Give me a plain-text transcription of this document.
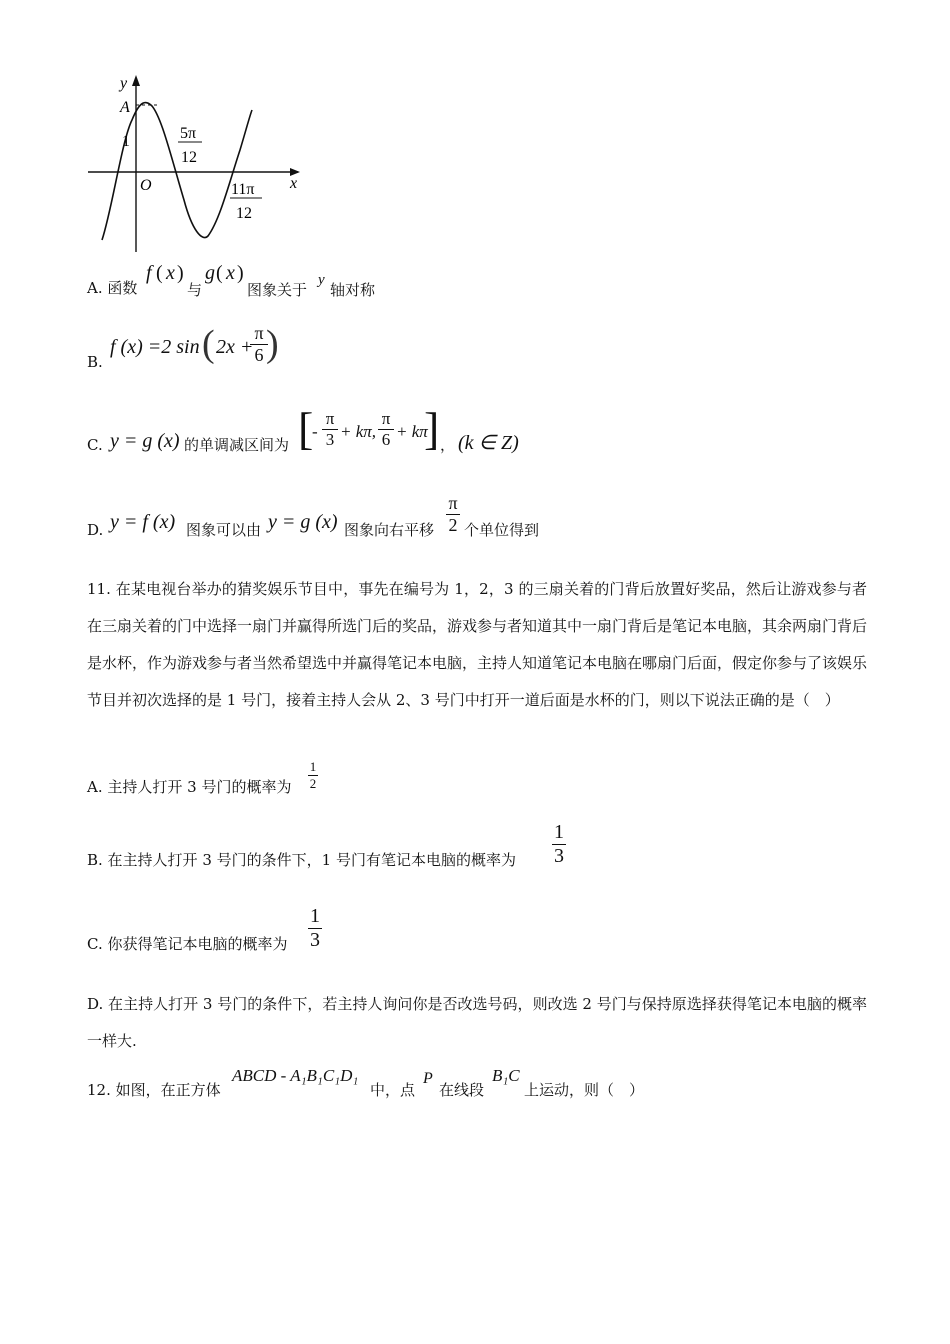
y
A
1
O	x
5π
12
11π
12
A. 函数
f ( x )
与
g ( x )
图象关于
y
轴对称
B.
f (x) =2 sin ( 2x +
π
6 )
C. y = g (x) 的单调减区间为 [
-
π
3 + kπ,
π
6 + kπ
] ， (k ∈ Z)
D. y = f (x) 图象可以由 y = g (x) 图象向右平移
π
2 个单位得到
11. 在某电视台举办的猜奖娱乐节目中，事先在编号为 1，2，3 的三扇关着的门背后放置好奖品，然后让游戏参与者在三扇关着的门中选择一扇门并赢得所选门后的奖品，游戏参与者知道其中一扇门背后是笔记本电脑，其余两扇门背后是水杯，作为游戏参与者当然希望选中并赢得笔记本电脑，主持人知道笔记本电脑在哪扇门后面，假定你参与了该娱乐节目并初次选择的是 1 号门，接着主持人会从 2、3 号门中打开一道后面是水杯的门，则以下说法正确的是（　）
A. 主持人打开 3 号门的概率为
1
2
B. 在主持人打开 3 号门的条件下，1 号门有笔记本电脑的概率为
1
3
C. 你获得笔记本电脑的概率为
1
3
D. 在主持人打开 3 号门的条件下，若主持人询问你是否改选号码，则改选 2 号门与保持原选择获得笔记本电脑的概率一样大.
12. 如图，在正方体
ABCD - A₁B₁C₁D₁
中，点
P
在线段
B₁C
上运动，则（　）
